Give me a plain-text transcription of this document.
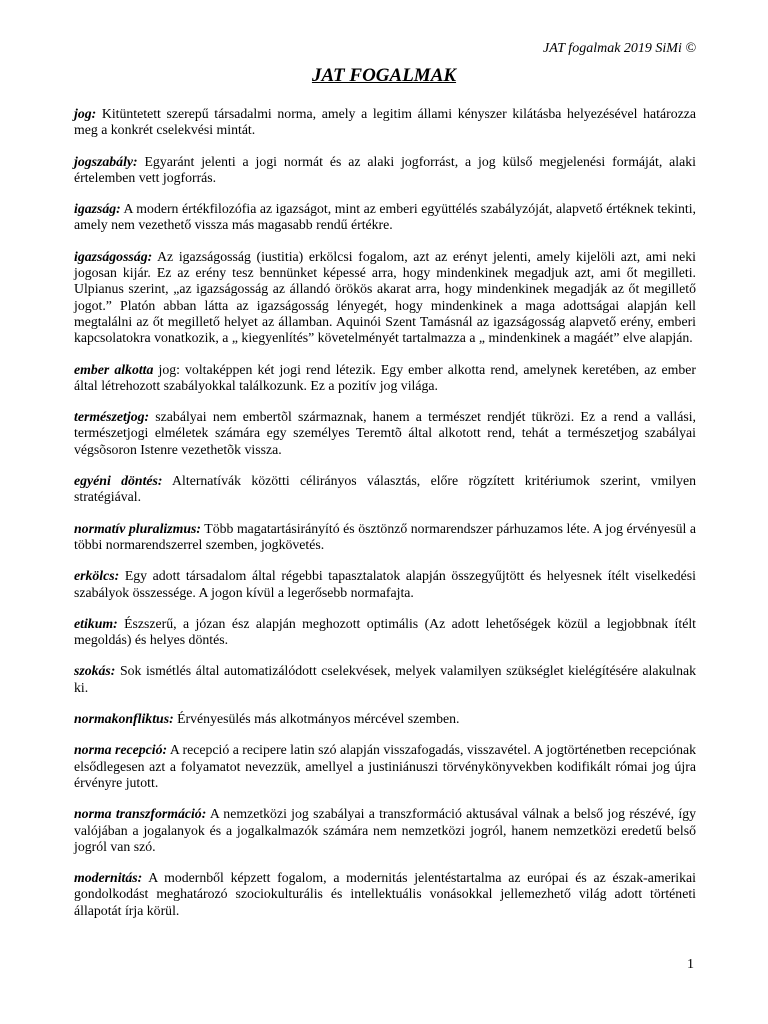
JAT fogalmak 2019 SiMi ©
JAT FOGALMAK

jog: Kitüntetett szerepű társadalmi norma, amely a legitim állami kényszer kilátásba helyezésével határozza meg a konkrét cselekvési mintát.

jogszabály: Egyaránt jelenti a jogi normát és az alaki jogforrást, a jog külső megjelenési formáját, alaki értelemben vett jogforrás.

igazság: A modern értékfilozófia az igazságot, mint az emberi együttélés szabályzóját, alapvető értéknek tekinti, amely nem vezethető vissza más magasabb rendű értékre.

igazságosság: Az igazságosság (iustitia) erkölcsi fogalom, azt az erényt jelenti, amely kijelöli azt, ami neki jogosan kijár. Ez az erény tesz bennünket képessé arra, hogy mindenkinek megadjuk azt, ami őt megilleti. Ulpianus szerint, „az igazságosság az állandó örökös akarat arra, hogy mindenkinek megadják az őt megillető jogot.” Platón abban látta az igazságosság lényegét, hogy mindenkinek a maga adottságai alapján kell megtalálni az őt megillető helyet az államban. Aquinói Szent Tamásnál az igazságosság alapvető erény, emberi kapcsolatokra vonatkozik, a „ kiegyenlítés” követelményét tartalmazza a „ mindenkinek a magáét” elve alapján.

ember alkotta jog: voltaképpen két jogi rend létezik. Egy ember alkotta rend, amelynek keretében, az ember által létrehozott szabályokkal találkozunk. Ez a pozitív jog világa.

természetjog: szabályai nem embertõl származnak, hanem a természet rendjét tükrözi. Ez a rend a vallási, természetjogi elméletek számára egy személyes Teremtõ által alkotott rend, tehát a természetjog szabályai végsõsoron Istenre vezethetõk vissza.

egyéni döntés: Alternatívák közötti célirányos választás, előre rögzített kritériumok szerint, vmilyen stratégiával.

normatív pluralizmus: Több magatartásirányító és ösztönző normarendszer párhuzamos léte. A jog érvényesül a többi normarendszerrel szemben, jogkövetés.

erkölcs: Egy adott társadalom által régebbi tapasztalatok alapján összegyűjtött és helyesnek ítélt viselkedési szabályok összessége. A jogon kívül a legerősebb normafajta.

etikum: Észszerű, a józan ész alapján meghozott optimális (Az adott lehetőségek közül a legjobbnak ítélt megoldás) és helyes döntés.

szokás: Sok ismétlés által automatizálódott cselekvések, melyek valamilyen szükséglet kielégítésére alakulnak ki.

normakonfliktus: Érvényesülés más alkotmányos mércével szemben.

norma recepció: A recepció a recipere latin szó alapján visszafogadás, visszavétel. A jogtörténetben recepciónak elsődlegesen azt a folyamatot nevezzük, amellyel a justiniánuszi törvénykönyvekben kodifikált római jog újra érvényre jutott.

norma transzformáció: A nemzetközi jog szabályai a transzformáció aktusával válnak a belső jog részévé, így valójában a jogalanyok és a jogalkalmazók számára nem nemzetközi jogról, hanem nemzetközi eredetű belső jogról van szó.

modernitás: A modernből képzett fogalom, a modernitás jelentéstartalma az európai és az észak-amerikai gondolkodást meghatározó szociokulturális és intellektuális vonásokkal jellemezhető világ adott történeti állapotát írja körül.

1
